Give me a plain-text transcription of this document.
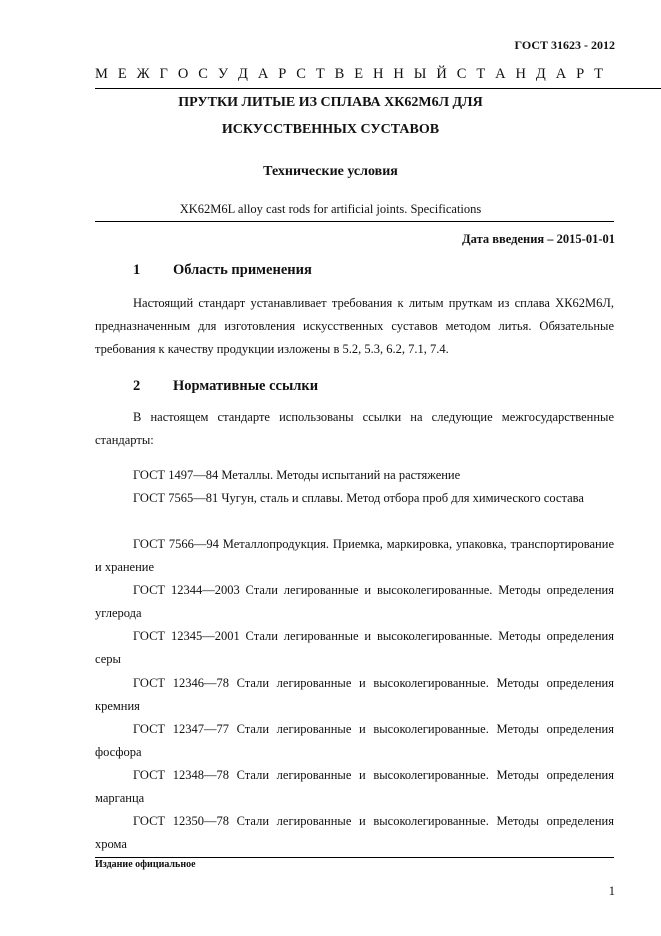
ГОСТ 31623 - 2012
М Е Ж Г О С У Д А Р С Т В Е Н Н Ы Й С Т А Н Д А Р Т
ПРУТКИ ЛИТЫЕ ИЗ СПЛАВА ХК62М6Л ДЛЯ
ИСКУССТВЕННЫХ СУСТАВОВ
Технические условия
XK62M6L alloy cast rods for artificial joints. Specifications
Дата введения – 2015-01-01
1 Область применения
Настоящий стандарт устанавливает требования к литым пруткам из сплава ХК62М6Л, предназначенным для изготовления искусственных суставов методом литья. Обязательные требования к качеству продукции изложены в 5.2, 5.3, 6.2, 7.1, 7.4.
2 Нормативные ссылки
В настоящем стандарте использованы ссылки на следующие межгосударственные стандарты:
ГОСТ 1497—84 Металлы. Методы испытаний на растяжение
ГОСТ 7565—81 Чугун, сталь и сплавы. Метод отбора проб для химического состава
ГОСТ 7566—94 Металлопродукция. Приемка, маркировка, упаковка, транспортирование и хранение
ГОСТ 12344—2003 Стали легированные и высоколегированные. Методы определения углерода
ГОСТ 12345—2001 Стали легированные и высоколегированные. Методы определения серы
ГОСТ 12346—78 Стали легированные и высоколегированные. Методы определения кремния
ГОСТ 12347—77 Стали легированные и высоколегированные. Методы определения фосфора
ГОСТ 12348—78 Стали легированные и высоколегированные. Методы определения марганца
ГОСТ 12350—78 Стали легированные и высоколегированные. Методы определения хрома
Издание официальное
1
